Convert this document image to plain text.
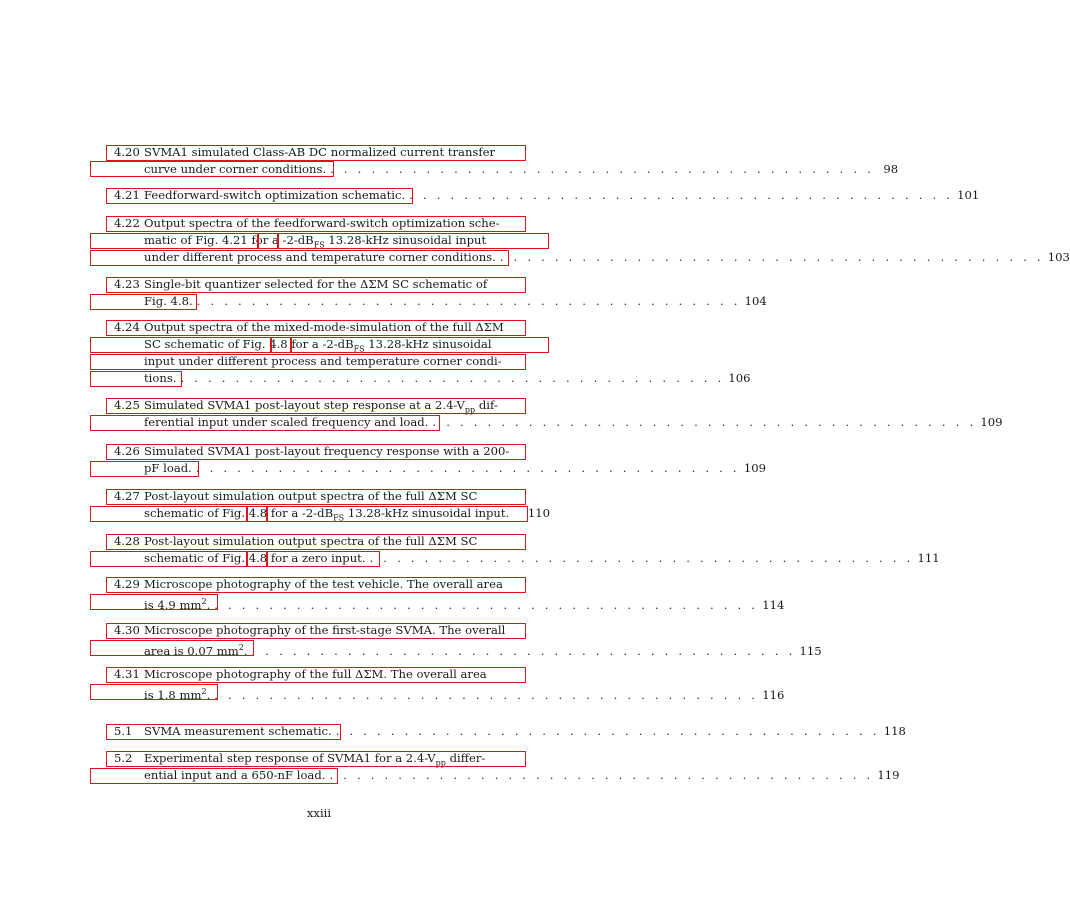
4.20 SVMA1 simulated Class-AB DC normalized current transfer
curve under corner conditions. . . . . . . . . . . . . . . . . . . . . . . . . . . . . . . . . . . . . . . . . 98
4.21 Feedforward-switch optimization schematic. . . . . . . . . . . . . . . . . . . . . . . . . . . . . . . . . . . . . . . . . 101
4.22 Output spectra of the feedforward-switch optimization sche-
matic of Fig. 4.21 for a $-2-dB_{FS}$ 13.28-kHz sinusoidal input
under different process and temperature corner conditions. . . . . . . . . . . . . . . . . . . . . . . . . . . . . . . . . . . . . . . . . 103
4.23 Single-bit quantizer selected for the ΔΣM SC schematic of
Fig. 4.8. . . . . . . . . . . . . . . . . . . . . . . . . . . . . . . . . . . . . . . . . 104
4.24 Output spectra of the mixed-mode-simulation of the full ΔΣM
SC schematic of Fig. 4.8 for a $-2-dB_{FS}$ 13.28-kHz sinusoidal
input under different process and temperature corner condi-
tions. . . . . . . . . . . . . . . . . . . . . . . . . . . . . . . . . . . . . . . . . 106
4.25 Simulated SVMA1 post-layout step response at a $2.4-V_{pp}$ dif-
ferential input under scaled frequency and load. . . . . . . . . . . . . . . . . . . . . . . . . . . . . . . . . . . . . . . . . 109
4.26 Simulated SVMA1 post-layout frequency response with a 200-
pF load. . . . . . . . . . . . . . . . . . . . . . . . . . . . . . . . . . . . . . . . . 109
4.27 Post-layout simulation output spectra of the full ΔΣM SC
schematic of Fig. 4.8 for a $-2-dB_{FS}$ 13.28-kHz sinusoidal input. 110
4.28 Post-layout simulation output spectra of the full ΔΣM SC
schematic of Fig. 4.8 for a zero input. . . . . . . . . . . . . . . . . . . . . . . . . . . . . . . . . . . . . . . . . 111
4.29 Microscope photography of the test vehicle. The overall area
is 4.9 $mm^2$. . . . . . . . . . . . . . . . . . . . . . . . . . . . . . . . . . . . . . . . . 114
4.30 Microscope photography of the first-stage SVMA. The overall
area is 0.07 $mm^2$. . . . . . . . . . . . . . . . . . . . . . . . . . . . . . . . . . . . . . . . . 115
4.31 Microscope photography of the full ΔΣM. The overall area
is 1.8 $mm^2$. . . . . . . . . . . . . . . . . . . . . . . . . . . . . . . . . . . . . . . . . 116
5.1 SVMA measurement schematic. . . . . . . . . . . . . . . . . . . . . . . . . . . . . . . . . . . . . . . . . 118
5.2 Experimental step response of SVMA1 for a $2.4-V_{pp}$ differ-
ential input and a 650-nF load. . . . . . . . . . . . . . . . . . . . . . . . . . . . . . . . . . . . . . . . . 119
xxiii
